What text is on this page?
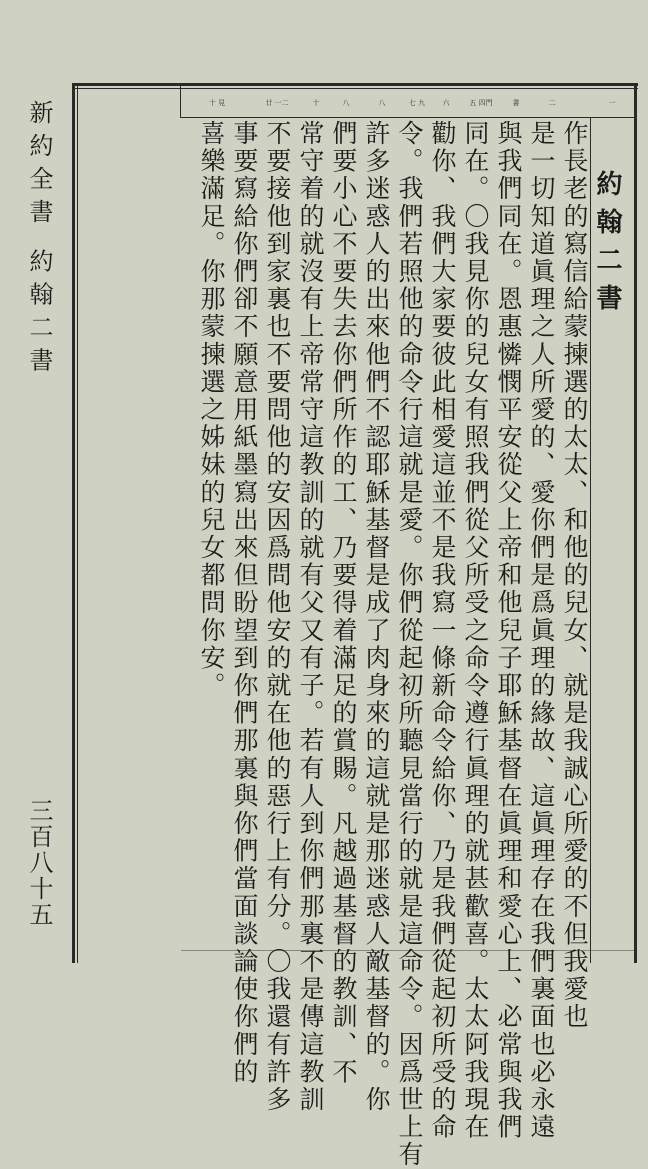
十 見	廿 一二	十	八	八	七 九	六	五 四門	書	二	一
新約全書 約翰二書
三百八十五
約翰二書
作長老的寫信給蒙揀選的太太、和他的兒女、就是我誠心所愛的不但我愛也
是一切知道眞理之人所愛的、愛你們是爲眞理的緣故、這眞理存在我們裏面也必永遠
與我們同在。恩惠憐憫平安從父上帝和他兒子耶穌基督在眞理和愛心上、必常與我們
同在。〇我見你的兒女有照我們從父所受之命令遵行眞理的就甚歡喜。太太阿我現在
勸你、我們大家要彼此相愛這並不是我寫一條新命令給你、乃是我們從起初所受的命
令。我們若照他的命令行這就是愛。你們從起初所聽見當行的就是這命令。因爲世上有
許多迷惑人的出來他們不認耶穌基督是成了肉身來的這就是那迷惑人敵基督的。你
們要小心不要失去你們所作的工、乃要得着滿足的賞賜。凡越過基督的教訓、不
常守着的就沒有上帝常守這教訓的就有父又有子。若有人到你們那裏不是傳這教訓
不要接他到家裏也不要問他的安因爲問他安的就在他的惡行上有分。〇我還有許多
事要寫給你們卻不願意用紙墨寫出來但盼望到你們那裏與你們當面談論使你們的
喜樂滿足。你那蒙揀選之姊妹的兒女都問你安。
